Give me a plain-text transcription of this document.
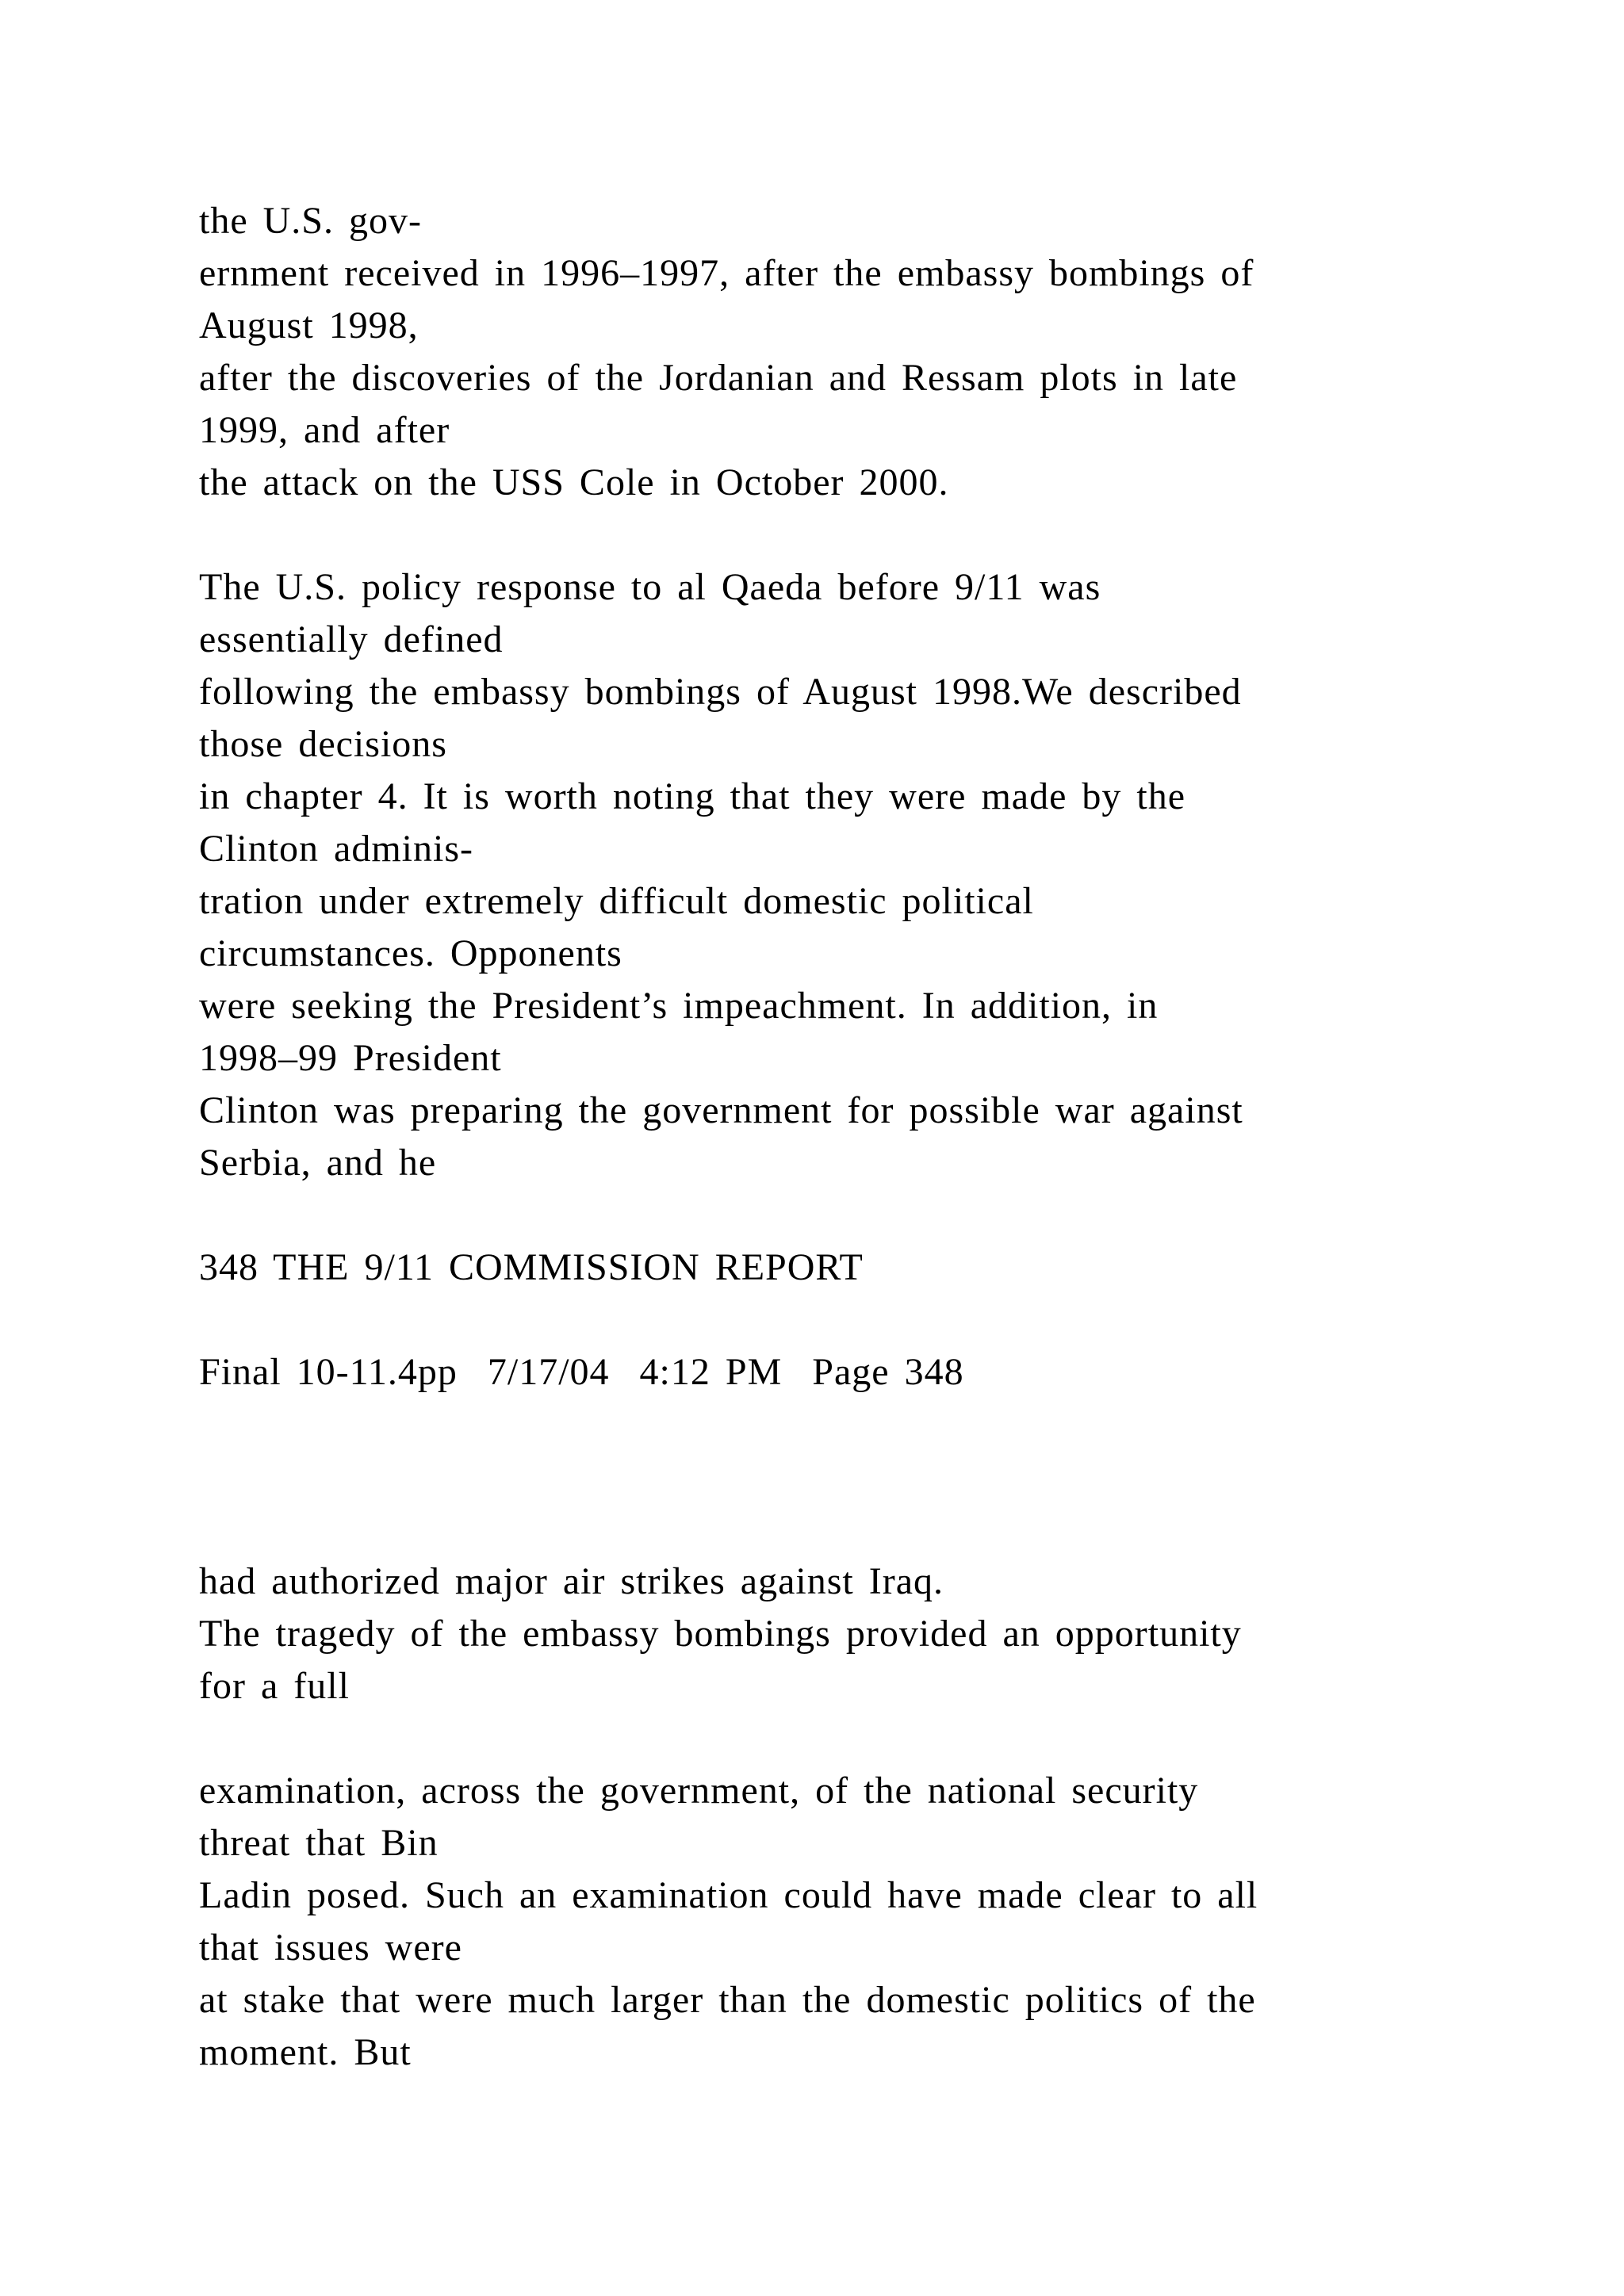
the U.S. gov-
ernment received in 1996–1997, after the embassy bombings of
August 1998,
after the discoveries of the Jordanian and Ressam plots in late
1999, and after
the attack on the USS Cole in October 2000.
The U.S. policy response to al Qaeda before 9/11 was
essentially defined
following the embassy bombings of August 1998.We described
those decisions
in chapter 4. It is worth noting that they were made by the
Clinton adminis-
tration under extremely difficult domestic political
circumstances. Opponents
were seeking the President’s impeachment. In addition, in
1998–99 President
Clinton was preparing the government for possible war against
Serbia, and he
348 THE 9/11 COMMISSION REPORT
Final 10-11.4pp  7/17/04  4:12 PM  Page 348
had authorized major air strikes against Iraq.
The tragedy of the embassy bombings provided an opportunity
for a full
examination, across the government, of the national security
threat that Bin
Ladin posed. Such an examination could have made clear to all
that issues were
at stake that were much larger than the domestic politics of the
moment. But
